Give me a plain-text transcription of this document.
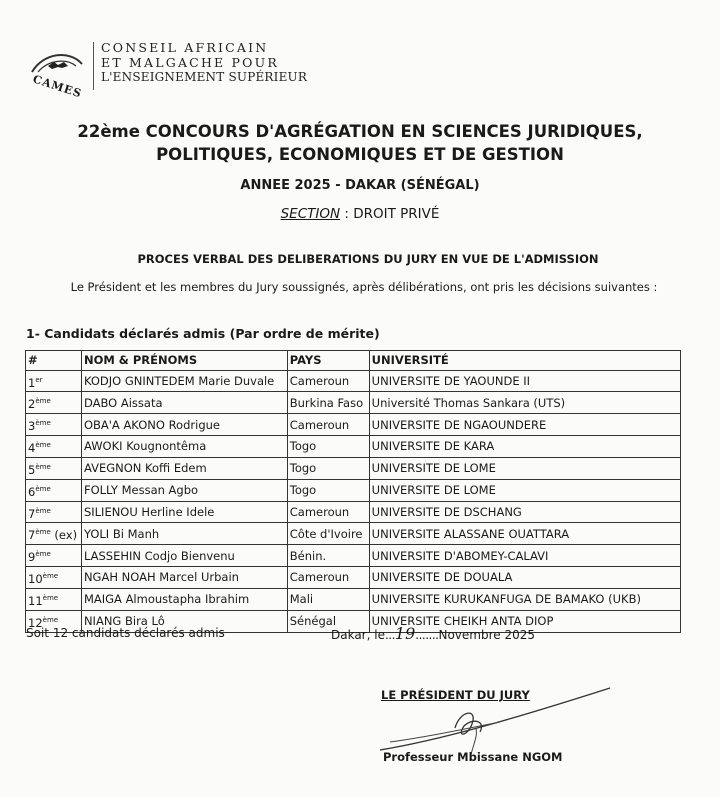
CAMES
CONSEIL AFRICAIN
ET MALGACHE POUR
L'ENSEIGNEMENT SUPÉRIEUR
22ème CONCOURS D'AGRÉGATION EN SCIENCES JURIDIQUES,
POLITIQUES, ECONOMIQUES ET DE GESTION
ANNEE 2025 - DAKAR (SÉNÉGAL)
SECTION : DROIT PRIVÉ
PROCES VERBAL DES DELIBERATIONS DU JURY EN VUE DE L'ADMISSION
Le Président et les membres du Jury soussignés, après délibérations, ont pris les décisions suivantes :
1- Candidats déclarés admis (Par ordre de mérite)
#	NOM & PRÉNOMS	PAYS	UNIVERSITÉ
1er	KODJO GNINTEDEM Marie Duvale	Cameroun	UNIVERSITE DE YAOUNDE II
2ème	DABO Aissata	Burkina Faso	Université Thomas Sankara (UTS)
3ème	OBA'A AKONO Rodrigue	Cameroun	UNIVERSITE DE NGAOUNDERE
4ème	AWOKI Kougnontêma	Togo	UNIVERSITE DE KARA
5ème	AVEGNON Koffi Edem	Togo	UNIVERSITE DE LOME
6ème	FOLLY Messan Agbo	Togo	UNIVERSITE DE LOME
7ème	SILIENOU Herline Idele	Cameroun	UNIVERSITE DE DSCHANG
7ème (ex)	YOLI Bi Manh	Côte d'Ivoire	UNIVERSITE ALASSANE OUATTARA
9ème	LASSEHIN Codjo Bienvenu	Bénin.	UNIVERSITE D'ABOMEY-CALAVI
10ème	NGAH NOAH Marcel Urbain	Cameroun	UNIVERSITE DE DOUALA
11ème	MAIGA Almoustapha Ibrahim	Mali	UNIVERSITE KURUKANFUGA DE BAMAKO (UKB)
12ème	NIANG Bira Lô	Sénégal	UNIVERSITE CHEIKH ANTA DIOP
Soit 12 candidats déclarés admis	Dakar, le...19.......Novembre 2025
LE PRÉSIDENT DU JURY
Professeur Mbissane NGOM
